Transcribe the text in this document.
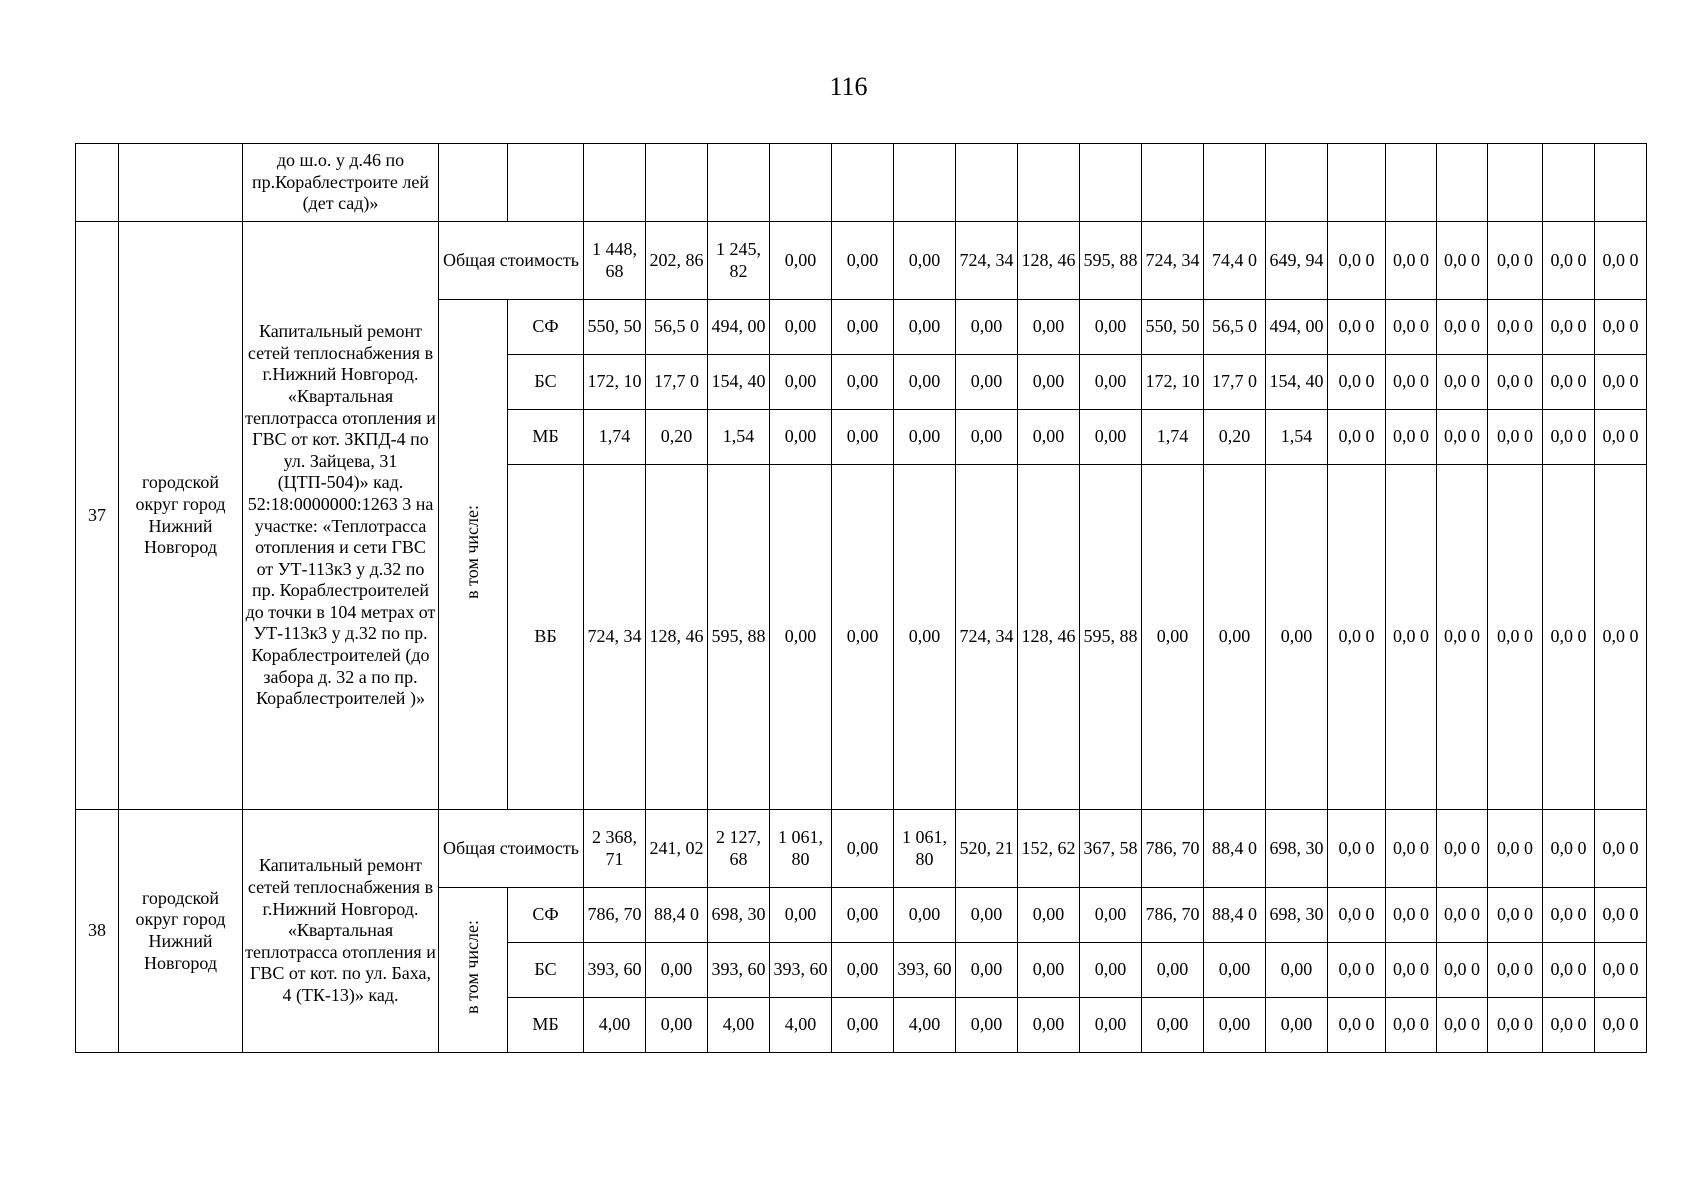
116
		до ш.о. у д.46 по пр.Кораблестроите лей (дет сад)»																				
37	городской округ город Нижний Новгород	Капитальный ремонт сетей теплоснабжения в г.Нижний Новгород. «Квартальная теплотрасса отопления и ГВС от кот. ЗКПД-4 по ул. Зайцева, 31 (ЦТП-504)» кад. 52:18:0000000:1263 3 на участке: «Теплотрасса отопления и сети ГВС от УТ-113к3 у д.32 по пр. Кораблестроителей до точки в 104 метрах от УТ-113к3 у д.32 по пр. Кораблестроителей (до забора д. 32 а по пр. Кораблестроителей )»	Общая стоимость		1 448, 68	202, 86	1 245, 82	0,00	0,00	0,00	724, 34	128, 46	595, 88	724, 34	74,4 0	649, 94	0,0 0	0,0 0	0,0 0	0,0 0	0,0 0	0,0 0
			в том числе:	СФ	550, 50	56,5 0	494, 00	0,00	0,00	0,00	0,00	0,00	0,00	550, 50	56,5 0	494, 00	0,0 0	0,0 0	0,0 0	0,0 0	0,0 0	0,0 0
				БС	172, 10	17,7 0	154, 40	0,00	0,00	0,00	0,00	0,00	0,00	172, 10	17,7 0	154, 40	0,0 0	0,0 0	0,0 0	0,0 0	0,0 0	0,0 0
				МБ	1,74	0,20	1,54	0,00	0,00	0,00	0,00	0,00	0,00	1,74	0,20	1,54	0,0 0	0,0 0	0,0 0	0,0 0	0,0 0	0,0 0
				ВБ	724, 34	128, 46	595, 88	0,00	0,00	0,00	724, 34	128, 46	595, 88	0,00	0,00	0,00	0,0 0	0,0 0	0,0 0	0,0 0	0,0 0	0,0 0
38	городской округ город Нижний Новгород	Капитальный ремонт сетей теплоснабжения в г.Нижний Новгород. «Квартальная теплотрасса отопления и ГВС от кот. по ул. Баха, 4 (ТК-13)» кад.	Общая стоимость		2 368, 71	241, 02	2 127, 68	1 061, 80	0,00	1 061, 80	520, 21	152, 62	367, 58	786, 70	88,4 0	698, 30	0,0 0	0,0 0	0,0 0	0,0 0	0,0 0	0,0 0
			в том числе:	СФ	786, 70	88,4 0	698, 30	0,00	0,00	0,00	0,00	0,00	0,00	786, 70	88,4 0	698, 30	0,0 0	0,0 0	0,0 0	0,0 0	0,0 0	0,0 0
				БС	393, 60	0,00	393, 60	393, 60	0,00	393, 60	0,00	0,00	0,00	0,00	0,00	0,00	0,0 0	0,0 0	0,0 0	0,0 0	0,0 0	0,0 0
				МБ	4,00	0,00	4,00	4,00	0,00	4,00	0,00	0,00	0,00	0,00	0,00	0,00	0,0 0	0,0 0	0,0 0	0,0 0	0,0 0	0,0 0
